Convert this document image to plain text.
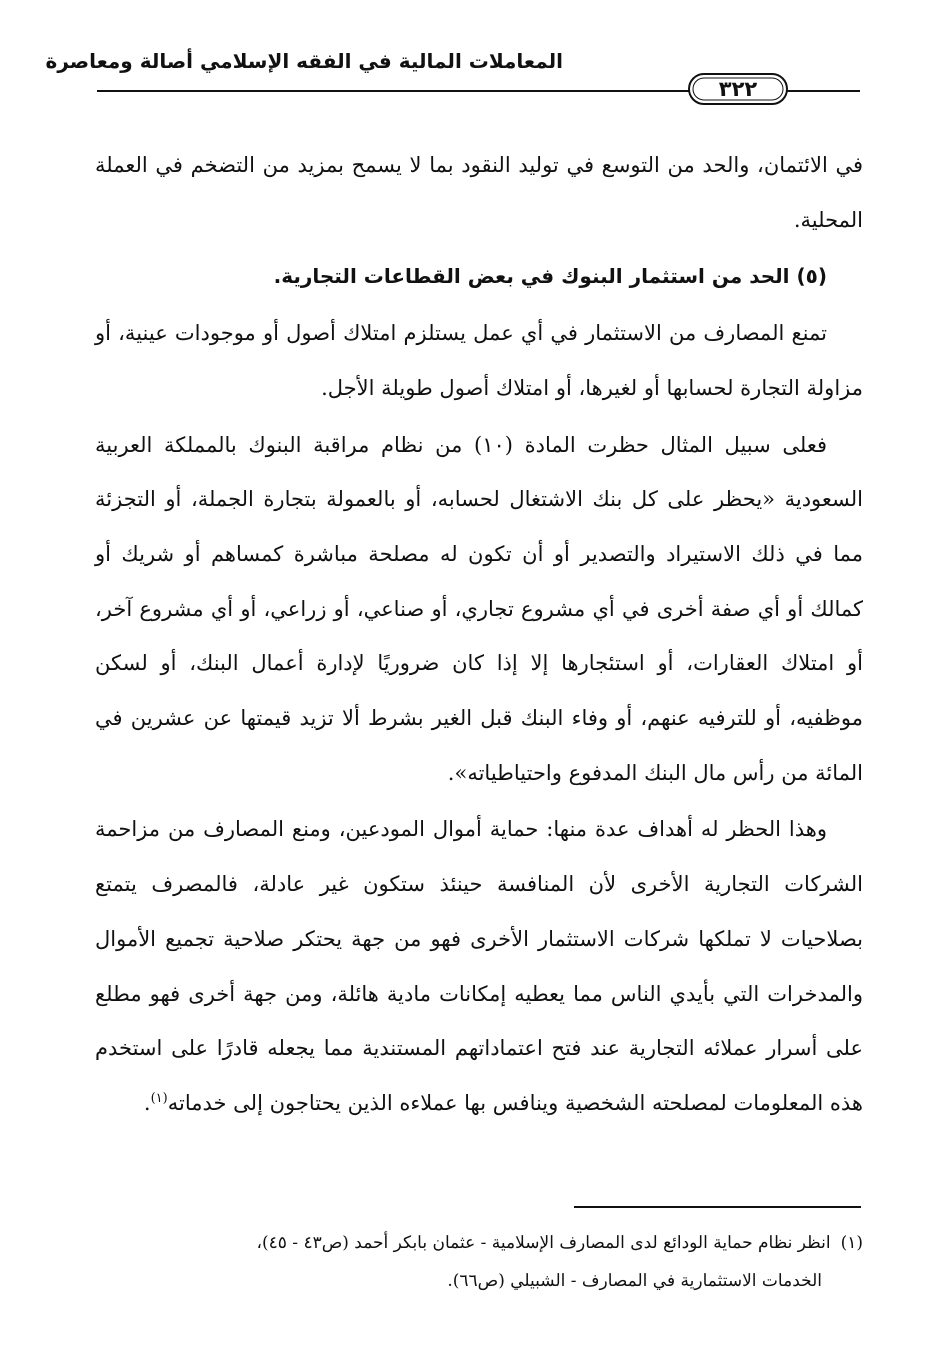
المعاملات المالية في الفقه الإسلامي أصالة ومعاصرة
٣٢٢

في الائتمان، والحد من التوسع في توليد النقود بما لا يسمح بمزيد من التضخم في العملة المحلية.

(٥) الحد من استثمار البنوك في بعض القطاعات التجارية.

تمنع المصارف من الاستثمار في أي عمل يستلزم امتلاك أصول أو موجودات عينية، أو مزاولة التجارة لحسابها أو لغيرها، أو امتلاك أصول طويلة الأجل.

فعلى سبيل المثال حظرت المادة (١٠) من نظام مراقبة البنوك بالمملكة العربية السعودية «يحظر على كل بنك الاشتغال لحسابه، أو بالعمولة بتجارة الجملة، أو التجزئة مما في ذلك الاستيراد والتصدير أو أن تكون له مصلحة مباشرة كمساهم أو شريك أو كمالك أو أي صفة أخرى في أي مشروع تجاري، أو صناعي، أو زراعي، أو أي مشروع آخر، أو امتلاك العقارات، أو استئجارها إلا إذا كان ضروريًا لإدارة أعمال البنك، أو لسكن موظفيه، أو للترفيه عنهم، أو وفاء البنك قبل الغير بشرط ألا تزيد قيمتها عن عشرين في المائة من رأس مال البنك المدفوع واحتياطياته».

وهذا الحظر له أهداف عدة منها: حماية أموال المودعين، ومنع المصارف من مزاحمة الشركات التجارية الأخرى لأن المنافسة حينئذ ستكون غير عادلة، فالمصرف يتمتع بصلاحيات لا تملكها شركات الاستثمار الأخرى فهو من جهة يحتكر صلاحية تجميع الأموال والمدخرات التي بأيدي الناس مما يعطيه إمكانات مادية هائلة، ومن جهة أخرى فهو مطلع على أسرار عملائه التجارية عند فتح اعتماداتهم المستندية مما يجعله قادرًا على استخدم هذه المعلومات لمصلحته الشخصية وينافس بها عملاءه الذين يحتاجون إلى خدماته$^{(١)}$.

(١)انظر نظام حماية الودائع لدى المصارف الإسلامية - عثمان بابكر أحمد (ص٤٣ - ٤٥)،

الخدمات الاستثمارية في المصارف - الشبيلي (ص٦٦).
